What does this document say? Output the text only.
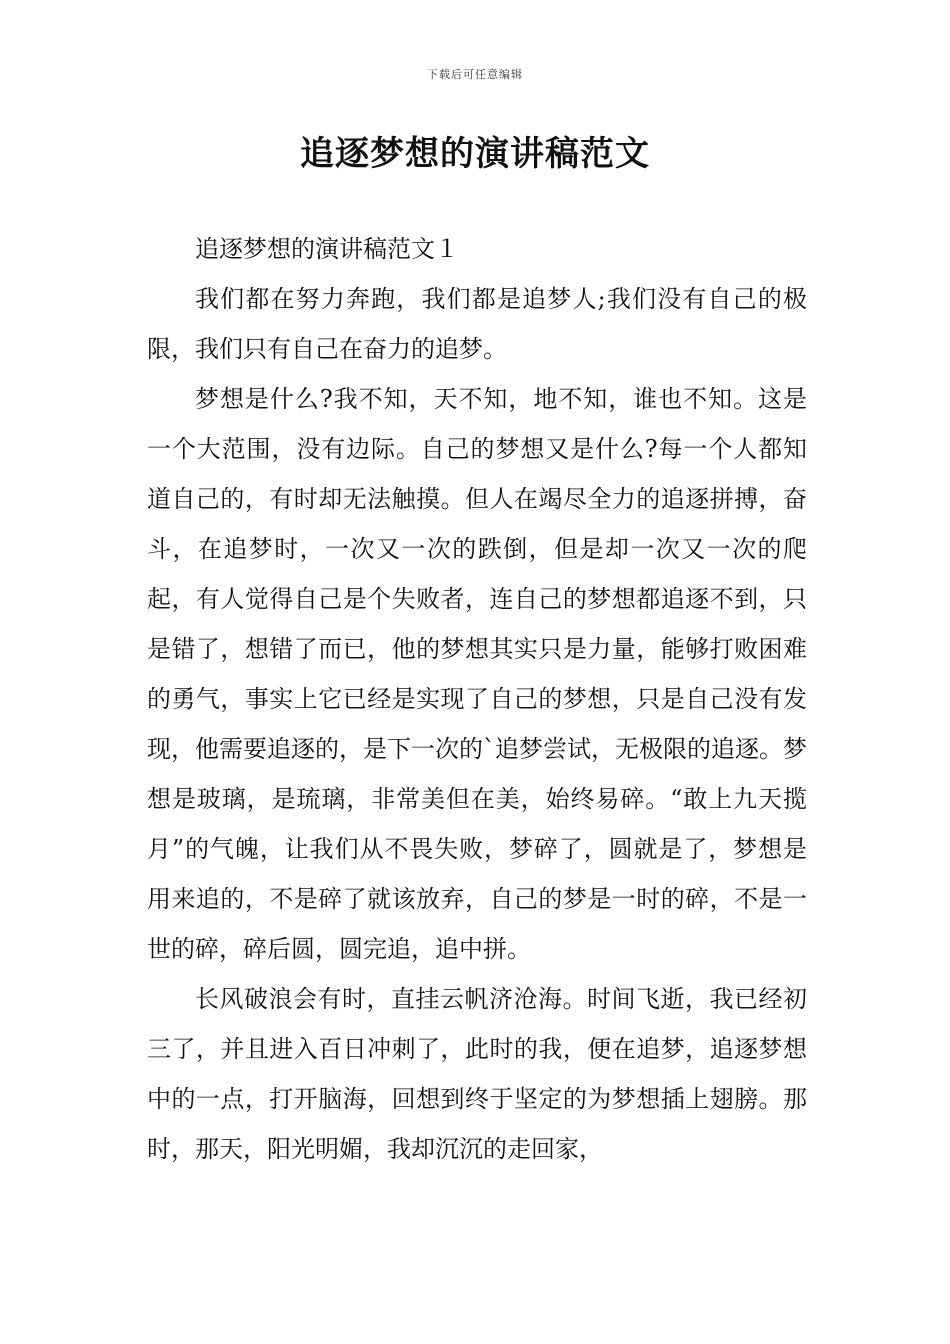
下载后可任意编辑
追逐梦想的演讲稿范文

追逐梦想的演讲稿范文１

我们都在努力奔跑，我们都是追梦人;我们没有自己的极限，我们只有自己在奋力的追梦。

梦想是什么?我不知，天不知，地不知，谁也不知。这是一个大范围，没有边际。自己的梦想又是什么?每一个人都知道自己的，有时却无法触摸。但人在竭尽全力的追逐拼搏，奋斗，在追梦时，一次又一次的跌倒，但是却一次又一次的爬起，有人觉得自己是个失败者，连自己的梦想都追逐不到，只是错了，想错了而已，他的梦想其实只是力量，能够打败困难的勇气，事实上它已经是实现了自己的梦想，只是自己没有发现，他需要追逐的，是下一次的`追梦尝试，无极限的追逐。梦想是玻璃，是琉璃，非常美但在美，始终易碎。“敢上九天揽月”的气魄，让我们从不畏失败，梦碎了，圆就是了，梦想是用来追的，不是碎了就该放弃，自己的梦是一时的碎，不是一世的碎，碎后圆，圆完追，追中拼。

长风破浪会有时，直挂云帆济沧海。时间飞逝，我已经初三了，并且进入百日冲刺了，此时的我，便在追梦，追逐梦想中的一点，打开脑海，回想到终于坚定的为梦想插上翅膀。那时，那天，阳光明媚，我却沉沉的走回家，
